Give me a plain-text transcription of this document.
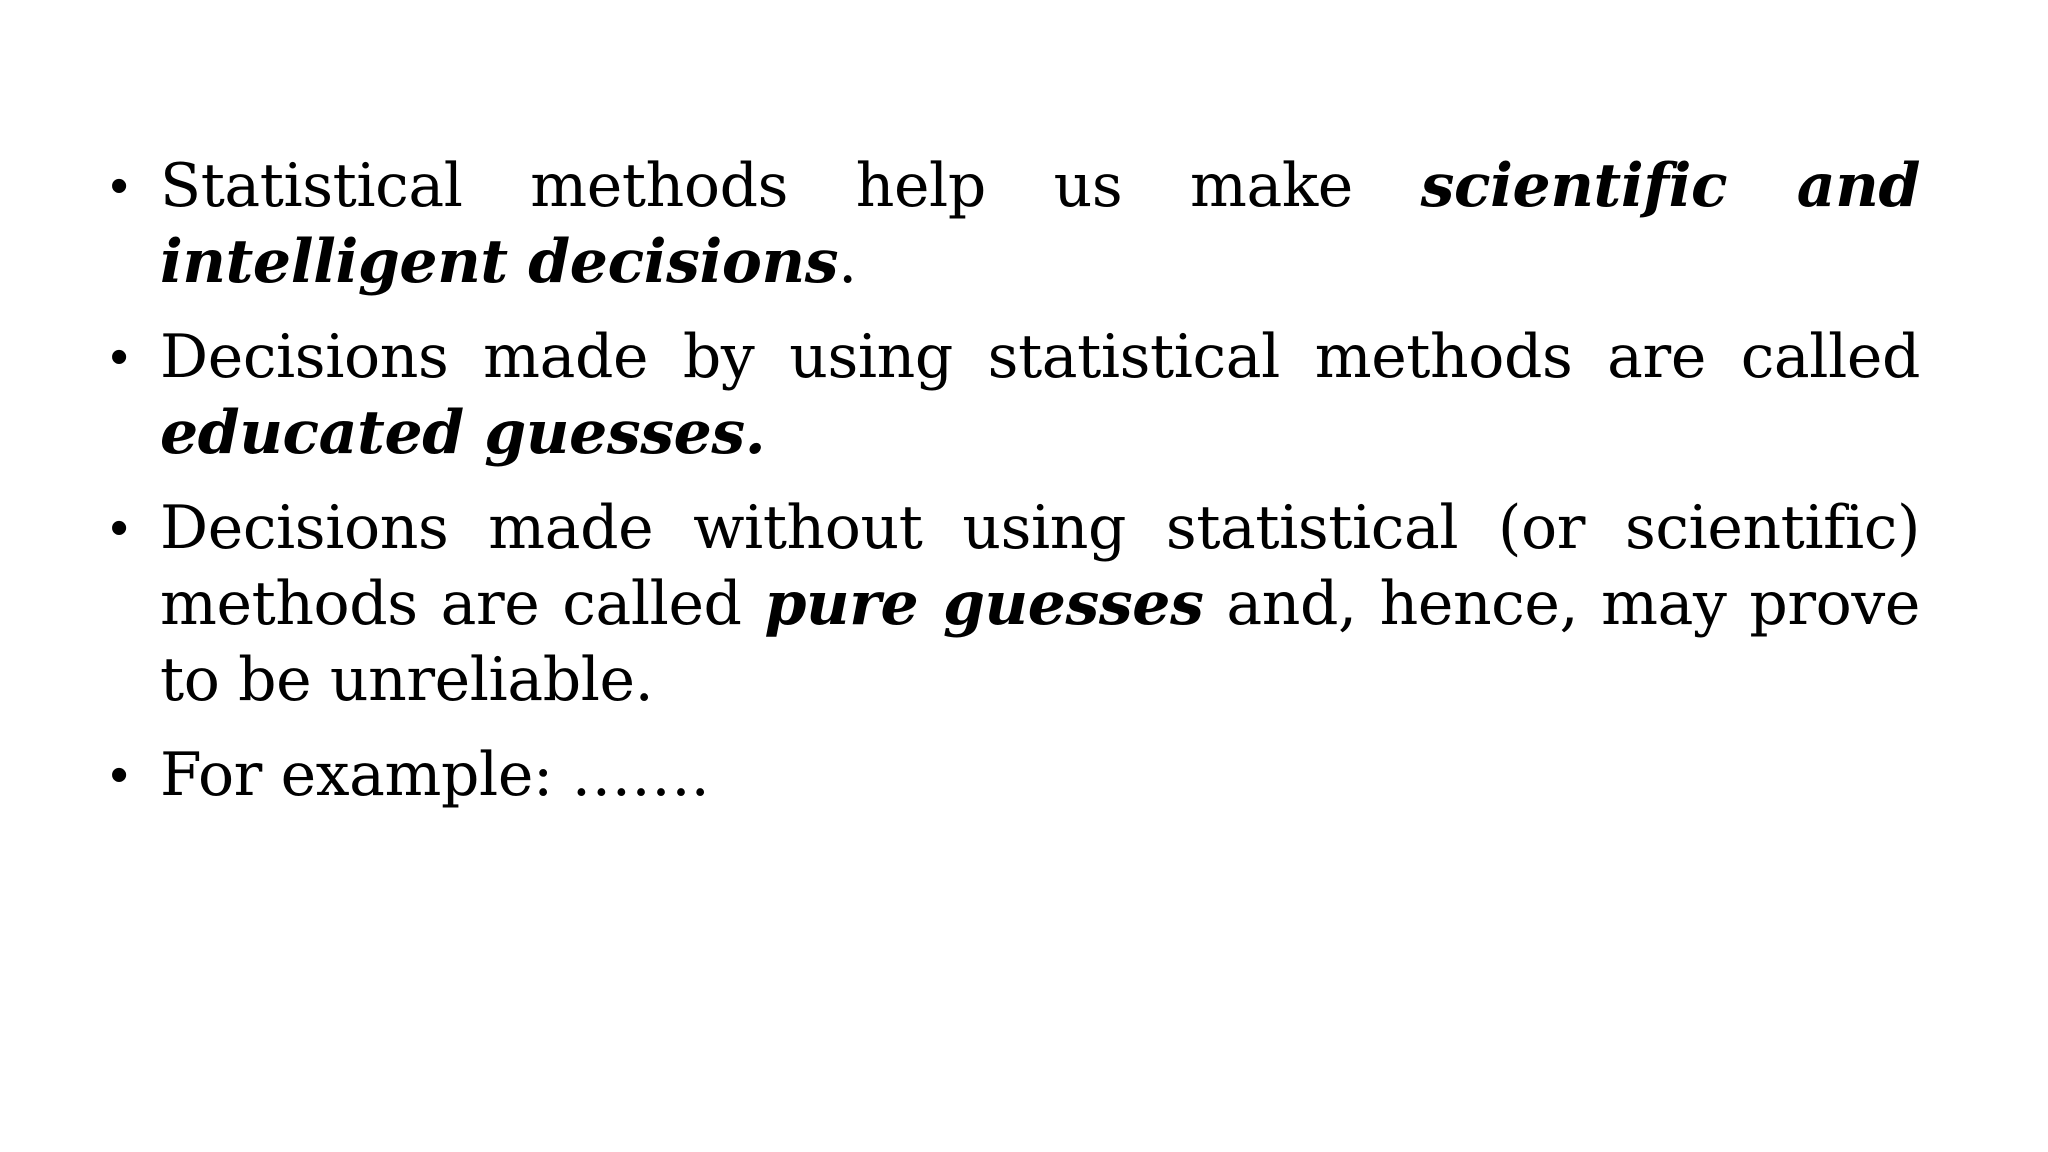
• Statistical methods help us make scientific and intelligent decisions.
• Decisions made by using statistical methods are called educated guesses.
• Decisions made without using statistical (or scientific) methods are called pure guesses and, hence, may prove to be unreliable.
• For example: …….
